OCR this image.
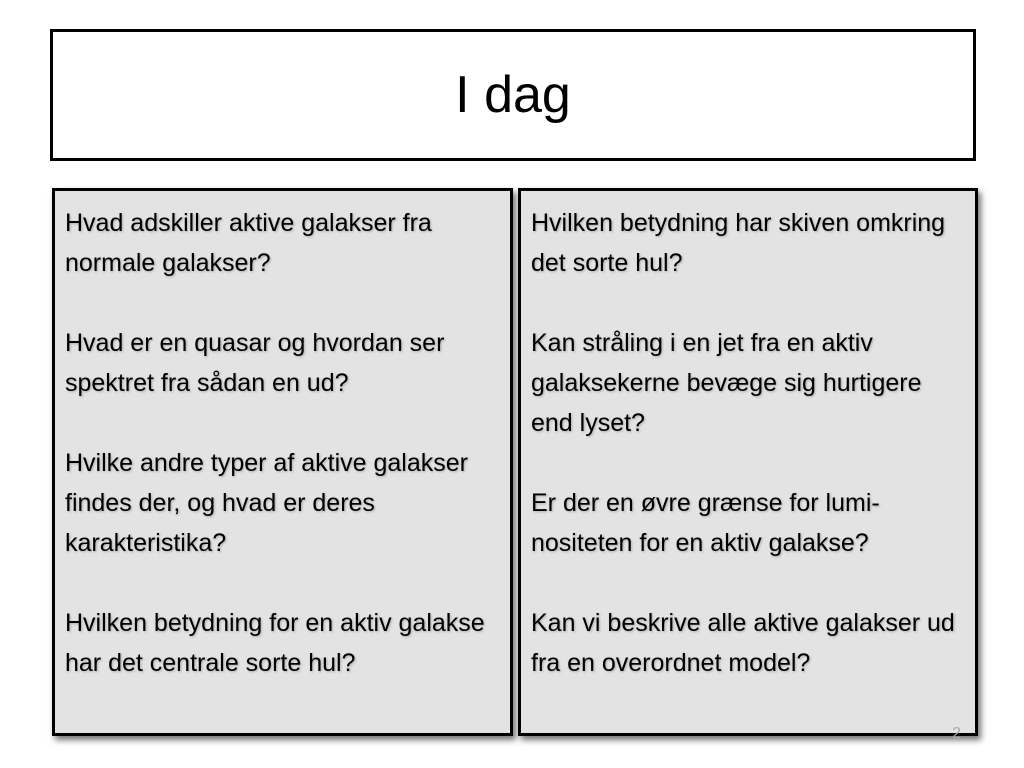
I dag

Hvad adskiller aktive galakser fra normale galakser?

Hvad er en quasar og hvordan ser spektret fra sådan en ud?

Hvilke andre typer af aktive galakser findes der, og hvad er deres karakteristika?

Hvilken betydning for en aktiv galakse har det centrale sorte hul?

Hvilken betydning har skiven omkring det sorte hul?

Kan stråling i en jet fra en aktiv galaksekerne bevæge sig hurtigere end lyset?

Er der en øvre grænse for lumi-nositeten for en aktiv galakse?

Kan vi beskrive alle aktive galakser ud fra en overordnet model?

2
